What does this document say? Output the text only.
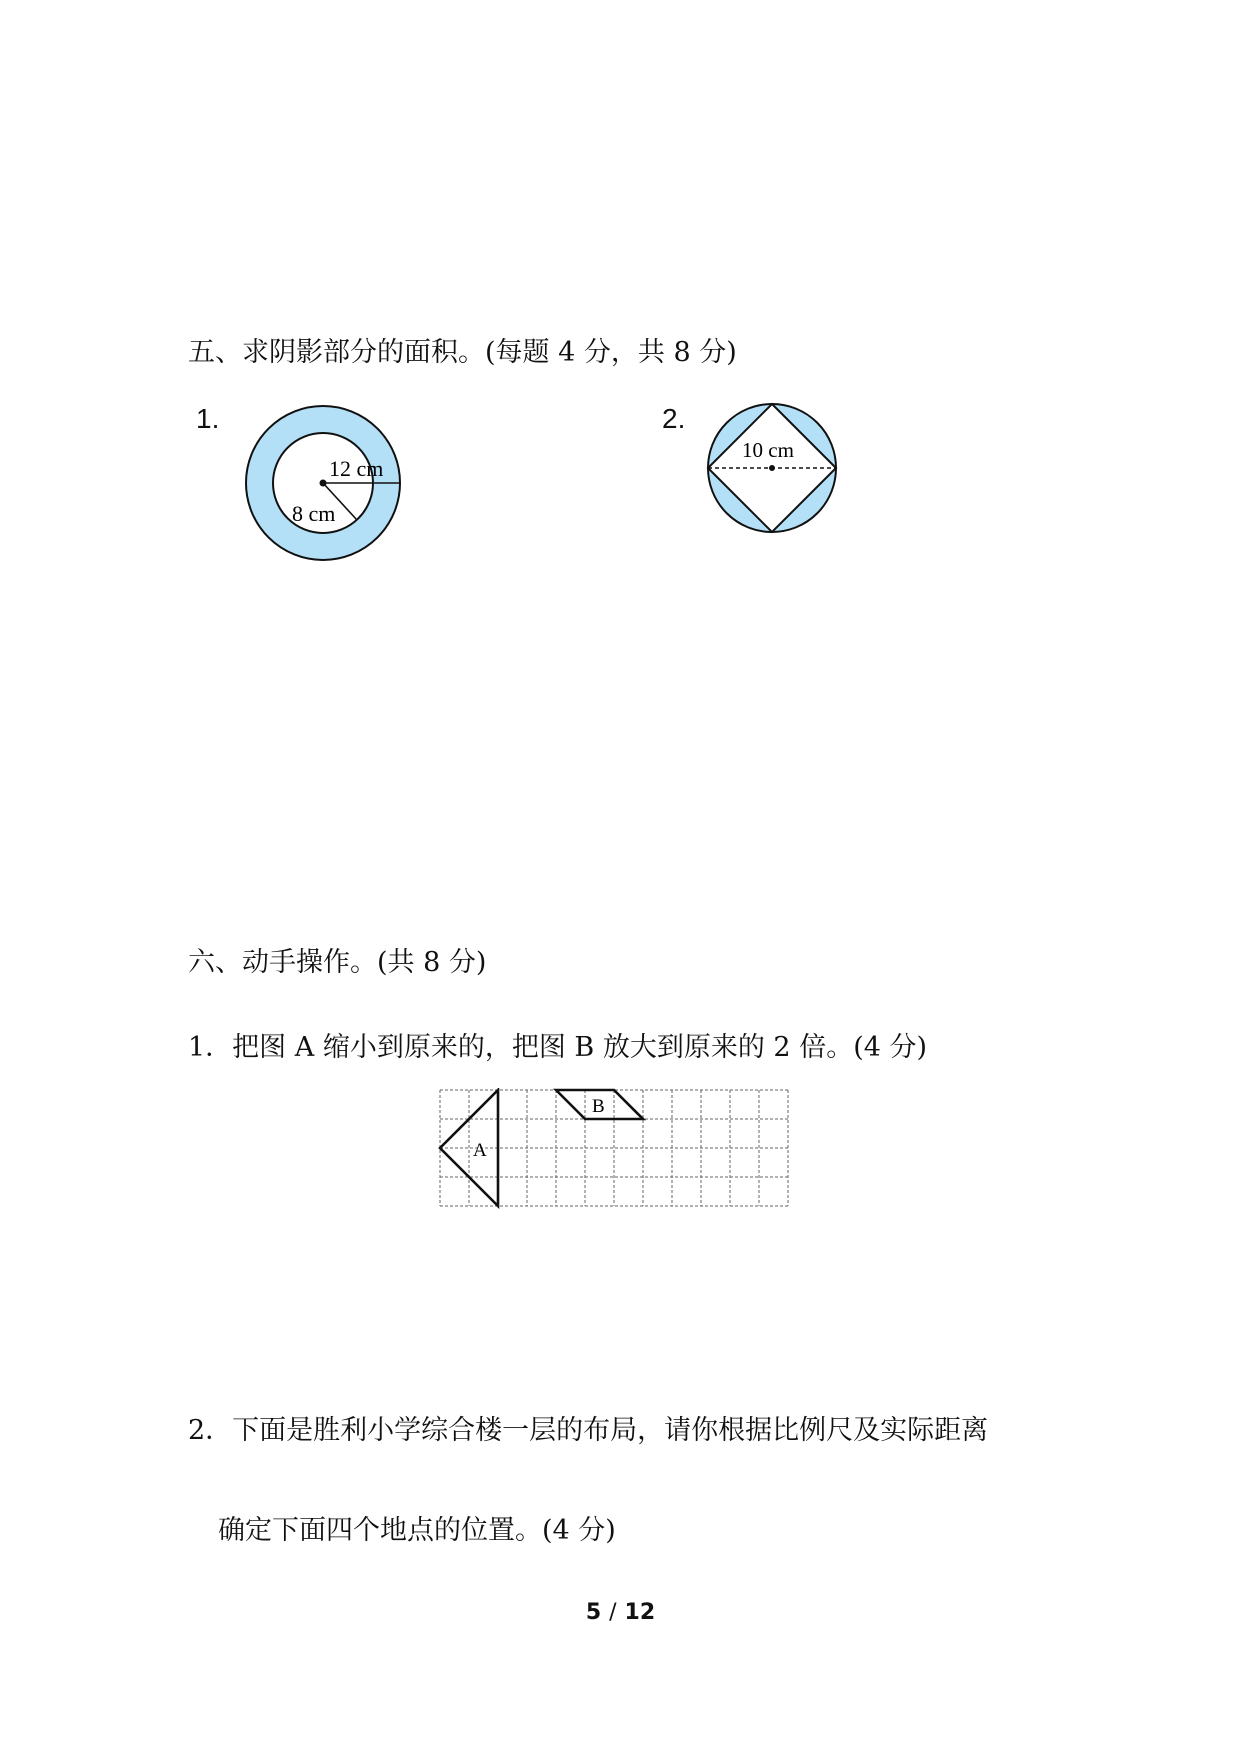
五、求阴影部分的面积。(每题 4 分，共 8 分)
1.
12 cm
8 cm
2.
10 cm
六、动手操作。(共 8 分)
1．把图 A 缩小到原来的，把图 B 放大到原来的 2 倍。(4 分)
A
B
2．下面是胜利小学综合楼一层的布局，请你根据比例尺及实际距离
确定下面四个地点的位置。(4 分)
5 / 12
